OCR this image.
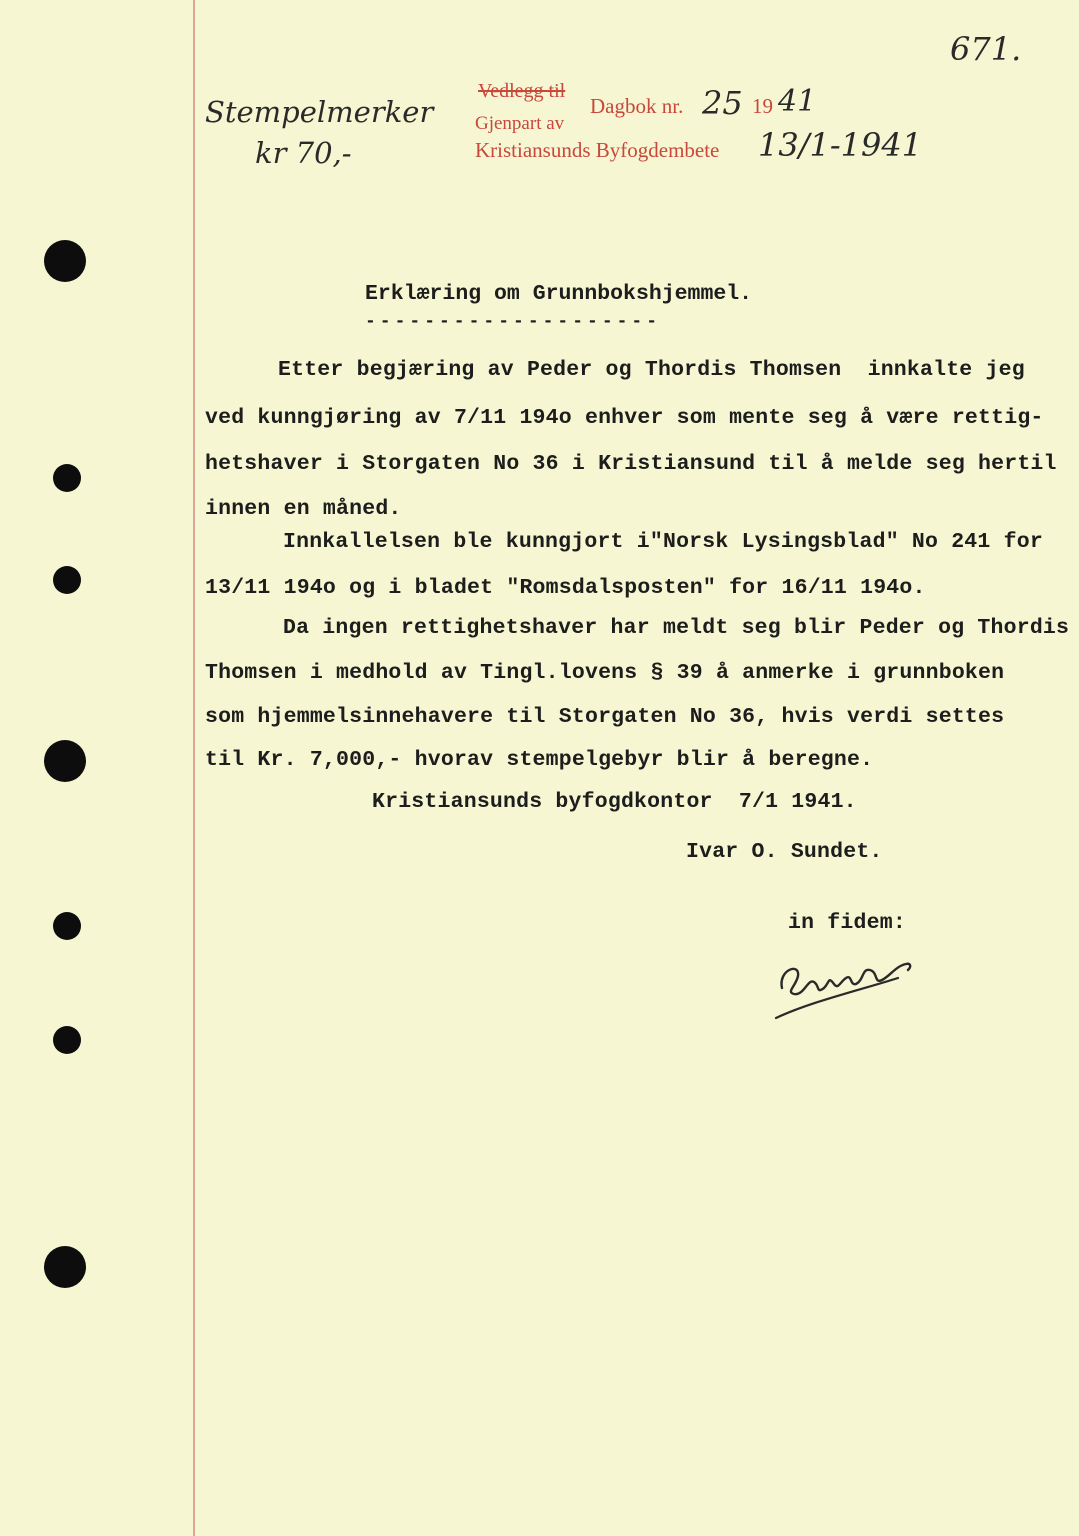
671.
Stempelmerker
kr 70,-
Vedlegg til
Dagbok nr. 25 19 41
Gjenpart av
Kristiansunds Byfogdembete 13/1-1941
Erklæring om Grunnbokshjemmel.
--------------------
Etter begjæring av Peder og Thordis Thomsen  innkalte jeg
ved kunngjøring av 7/11 194o enhver som mente seg å være rettig-
hetshaver i Storgaten No 36 i Kristiansund til å melde seg hertil
innen en måned.
Innkallelsen ble kunngjort i"Norsk Lysingsblad" No 241 for
13/11 194o og i bladet "Romsdalsposten" for 16/11 194o.
Da ingen rettighetshaver har meldt seg blir Peder og Thordis
Thomsen i medhold av Tingl.lovens § 39 å anmerke i grunnboken
som hjemmelsinnehavere til Storgaten No 36, hvis verdi settes
til Kr. 7,000,- hvorav stempelgebyr blir å beregne.
Kristiansunds byfogdkontor  7/1 1941.
Ivar O. Sundet.
in fidem:
